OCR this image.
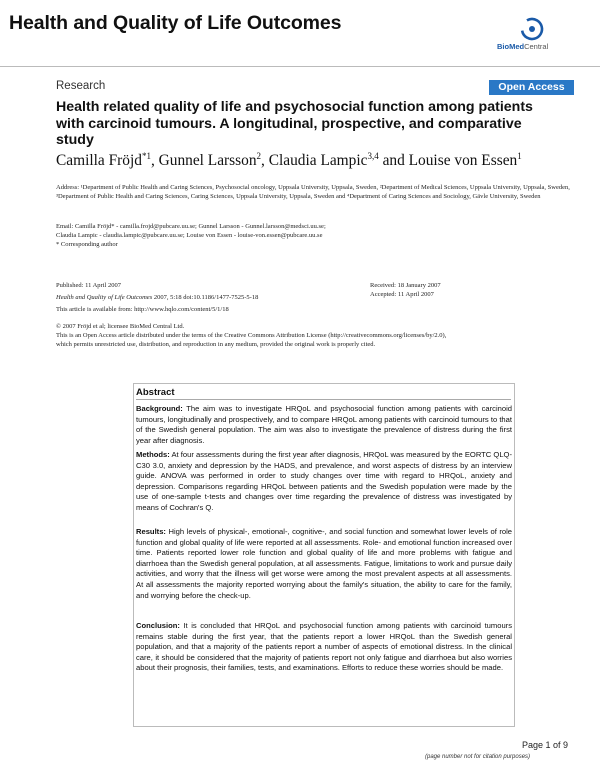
Health and Quality of Life Outcomes
BioMedCentral
Research	Open Access
Health related quality of life and psychosocial function among patients with carcinoid tumours. A longitudinal, prospective, and comparative study
Camilla Fröjd$^{*1}$, Gunnel Larsson$^2$, Claudia Lampic$^{3,4}$ and Louise von Essen$^1$
Address: ¹Department of Public Health and Caring Sciences, Psychosocial oncology, Uppsala University, Uppsala, Sweden, ²Department of Medical Sciences, Uppsala University, Uppsala, Sweden, ³Department of Public Health and Caring Sciences, Caring Sciences, Uppsala University, Uppsala, Sweden and ⁴Department of Caring Sciences and Sociology, Gävle University, Sweden
Email: Camilla Fröjd* - camilla.frojd@pubcare.uu.se; Gunnel Larsson - Gunnel.larsson@medsci.uu.se;
Claudia Lampic - claudia.lampic@pubcare.uu.se; Louise von Essen - louise-von.essen@pubcare.uu.se
* Corresponding author
Published: 11 April 2007
Health and Quality of Life Outcomes 2007, 5:18 doi:10.1186/1477-7525-5-18
This article is available from: http://www.hqlo.com/content/5/1/18
Received: 18 January 2007
Accepted: 11 April 2007
© 2007 Fröjd et al; licensee BioMed Central Ltd.
This is an Open Access article distributed under the terms of the Creative Commons Attribution License (http://creativecommons.org/licenses/by/2.0),
which permits unrestricted use, distribution, and reproduction in any medium, provided the original work is properly cited.
Abstract
Background: The aim was to investigate HRQoL and psychosocial function among patients with carcinoid tumours, longitudinally and prospectively, and to compare HRQoL among patients with carcinoid tumours to that of the Swedish general population. The aim was also to investigate the prevalence of distress during the first year after diagnosis.
Methods: At four assessments during the first year after diagnosis, HRQoL was measured by the EORTC QLQ-C30 3.0, anxiety and depression by the HADS, and prevalence, and worst aspects of distress by an interview guide. ANOVA was performed in order to study changes over time with regard to HRQoL, anxiety and depression. Comparisons regarding HRQoL between patients and the Swedish population were made by the use of one-sample t-tests and changes over time regarding the prevalence of distress was investigated by means of Cochran's Q.
Results: High levels of physical-, emotional-, cognitive-, and social function and somewhat lower levels of role function and global quality of life were reported at all assessments. Role- and emotional function increased over time. Patients reported lower role function and global quality of life and more problems with fatigue and diarrhoea than the Swedish general population, at all assessments. Fatigue, limitations to work and pursue daily activities, and worry that the illness will get worse were among the most prevalent aspects at all assessments. At all assessments the majority reported worrying about the family's situation, the ability to care for the family, and worrying before the check-up.
Conclusion: It is concluded that HRQoL and psychosocial function among patients with carcinoid tumours remains stable during the first year, that the patients report a lower HRQoL than the Swedish general population, and that a majority of the patients report a number of aspects of emotional distress. In the clinical care, it should be considered that the majority of patients report not only fatigue and diarrhoea but also worries about their prognosis, their families, tests, and examinations. Efforts to reduce these worries should be made.
Page 1 of 9
(page number not for citation purposes)
